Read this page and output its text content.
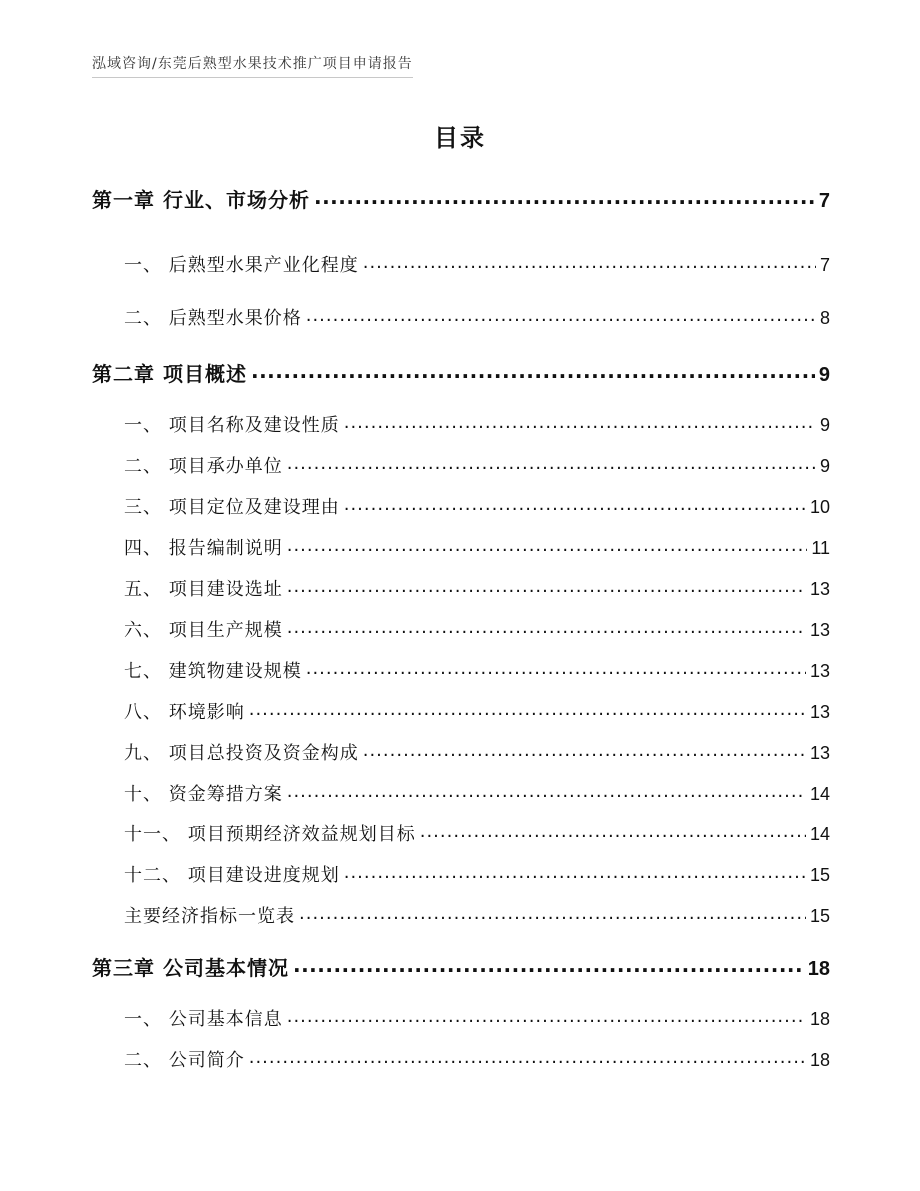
泓域咨询/东莞后熟型水果技术推广项目申请报告
目录
第一章 行业、市场分析 .....	7
一、 后熟型水果产业化程度 .....	7
二、 后熟型水果价格 .....	8
第二章 项目概述 .....	9
一、 项目名称及建设性质 .....	9
二、 项目承办单位 .....	9
三、 项目定位及建设理由 .....	10
四、 报告编制说明 .....	11
五、 项目建设选址 .....	13
六、 项目生产规模 .....	13
七、 建筑物建设规模 .....	13
八、 环境影响 .....	13
九、 项目总投资及资金构成 .....	13
十、 资金筹措方案 .....	14
十一、 项目预期经济效益规划目标 .....	14
十二、 项目建设进度规划 .....	15
主要经济指标一览表 .....	15
第三章 公司基本情况 .....	18
一、 公司基本信息 .....	18
二、 公司简介 .....	18
